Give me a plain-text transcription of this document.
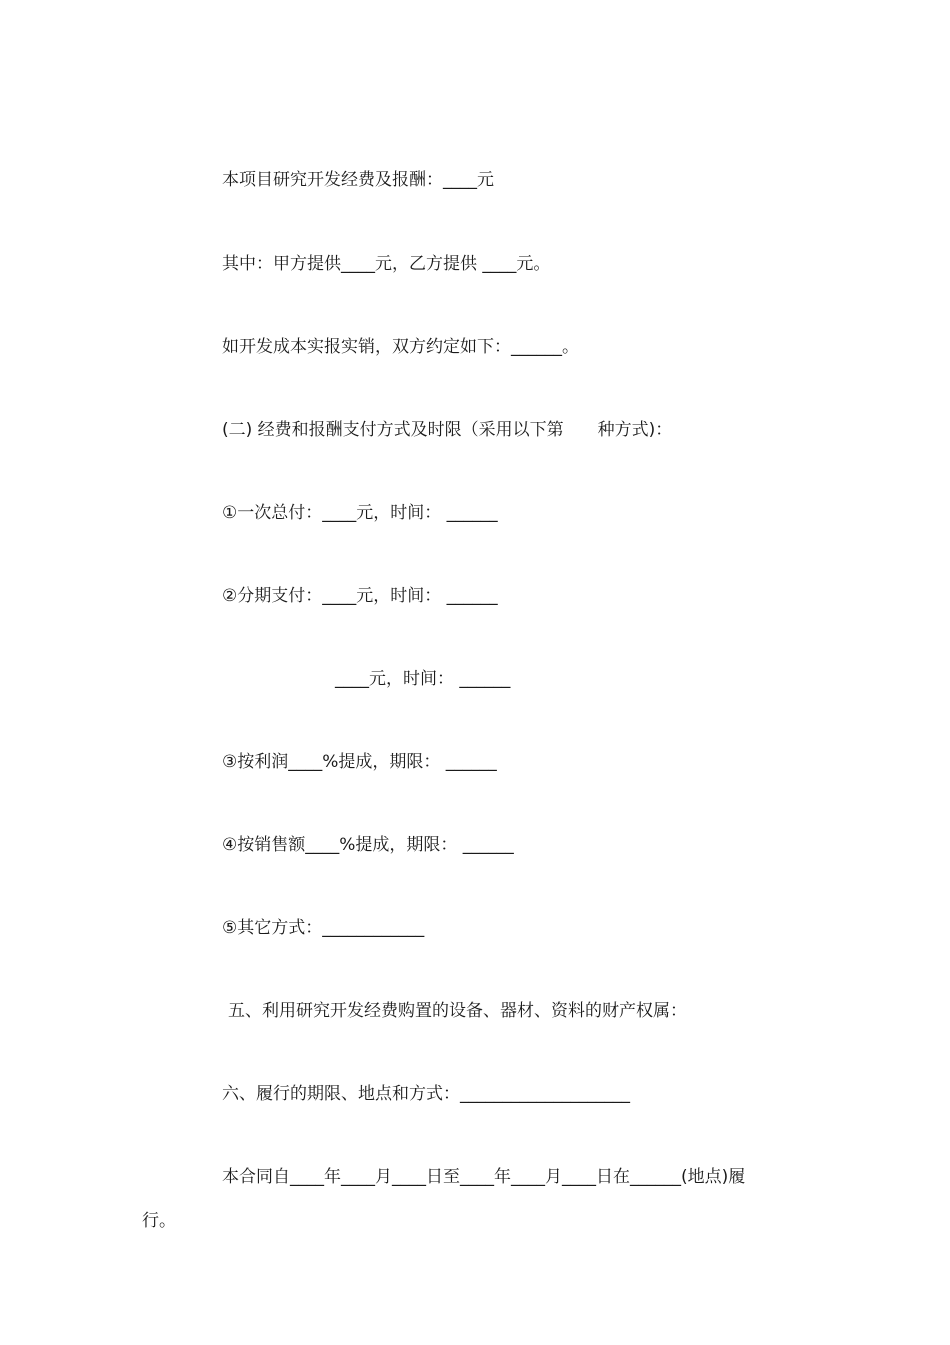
本项目研究开发经费及报酬：____元
其中：甲方提供____元，乙方提供 ____元。
如开发成本实报实销，双方约定如下：______。
(二) 经费和报酬支付方式及时限（采用以下第　　种方式)：
①一次总付：____元，时间： ______
②分期支付：____元，时间： ______
____元，时间： ______
③按利润____%提成，期限： ______
④按销售额____%提成，期限： ______
⑤其它方式：____________
五、利用研究开发经费购置的设备、器材、资料的财产权属：
六、履行的期限、地点和方式：____________________
本合同自____年____月____日至____年____月____日在______(地点)履
行。
